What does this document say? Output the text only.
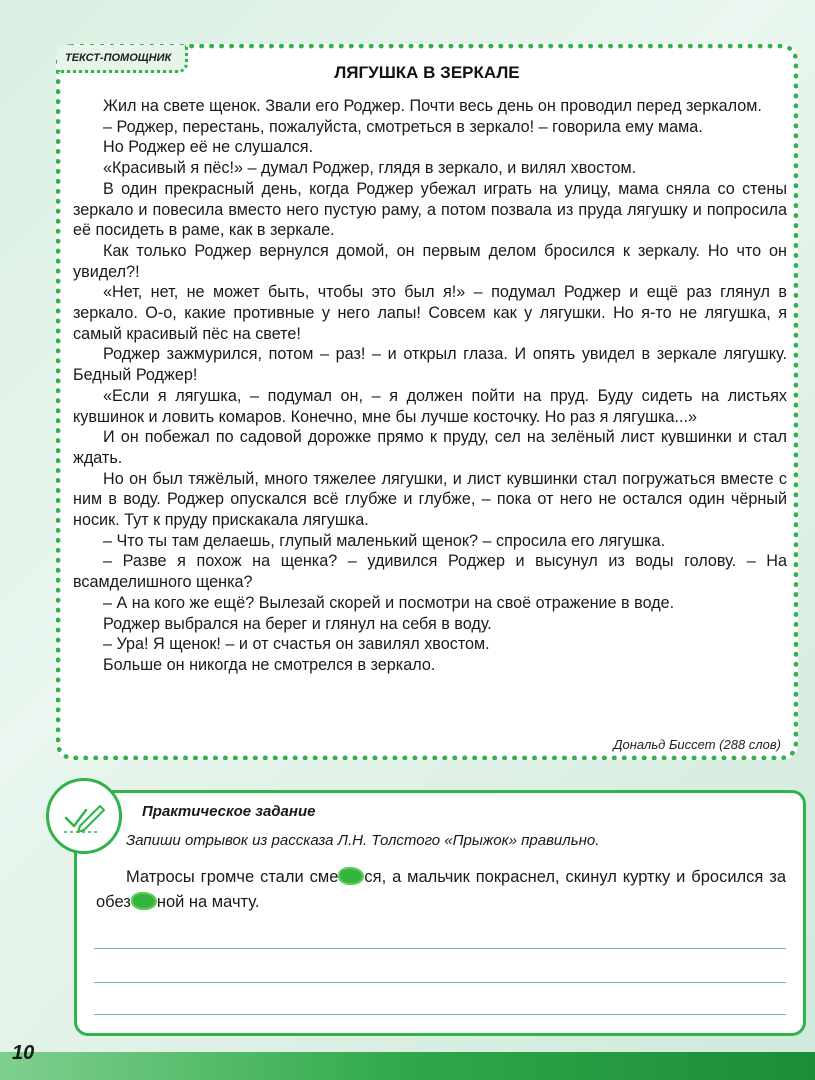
ТЕКСТ-ПОМОЩНИК
ЛЯГУШКА В ЗЕРКАЛЕ

Жил на свете щенок. Звали его Роджер. Почти весь день он проводил перед зеркалом.

– Роджер, перестань, пожалуйста, смотреться в зеркало! – говорила ему мама.

Но Роджер её не слушался.

«Красивый я пёс!» – думал Роджер, глядя в зеркало, и вилял хвостом.

В один прекрасный день, когда Роджер убежал играть на улицу, мама сняла со стены зеркало и повесила вместо него пустую раму, а потом позвала из пруда лягушку и попросила её посидеть в раме, как в зеркале.

Как только Роджер вернулся домой, он первым делом бросился к зеркалу. Но что он увидел?!

«Нет, нет, не может быть, чтобы это был я!» – подумал Роджер и ещё раз глянул в зеркало. О-о, какие противные у него лапы! Совсем как у лягушки. Но я-то не лягушка, я самый красивый пёс на свете!

Роджер зажмурился, потом – раз! – и открыл глаза. И опять увидел в зеркале лягушку. Бедный Роджер!

«Если я лягушка, – подумал он, – я должен пойти на пруд. Буду сидеть на листьях кувшинок и ловить комаров. Конечно, мне бы лучше косточку. Но раз я лягушка...»

И он побежал по садовой дорожке прямо к пруду, сел на зелёный лист кувшинки и стал ждать.

Но он был тяжёлый, много тяжелее лягушки, и лист кувшинки стал погружаться вместе с ним в воду. Роджер опускался всё глубже и глубже, – пока от него не остался один чёрный носик. Тут к пруду прискакала лягушка.

– Что ты там делаешь, глупый маленький щенок? – спросила его лягушка.

– Разве я похож на щенка? – удивился Роджер и высунул из воды голову. – На всамделишного щенка?

– А на кого же ещё? Вылезай скорей и посмотри на своё отражение в воде.

Роджер выбрался на берег и глянул на себя в воду.

– Ура! Я щенок! – и от счастья он завилял хвостом.

Больше он никогда не смотрелся в зеркало.

Дональд Биссет (288 слов)
Практическое задание
Запиши отрывок из рассказа Л.Н. Толстого «Прыжок» правильно.

Матросы громче стали сме ся, а мальчик покраснел, скинул куртку и бросился за обез ной на мачту.

10
